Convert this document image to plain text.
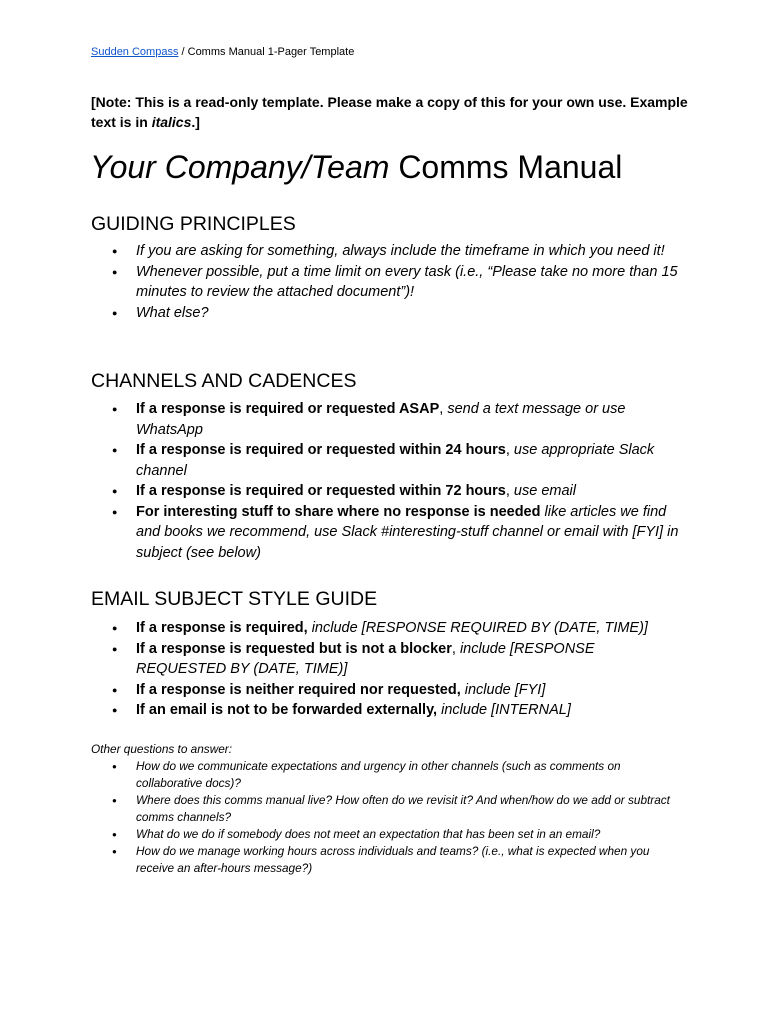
Sudden Compass / Comms Manual 1-Pager Template
[Note: This is a read-only template. Please make a copy of this for your own use. Example text is in italics.]
Your Company/Team Comms Manual
GUIDING PRINCIPLES
● If you are asking for something, always include the timeframe in which you need it!
● Whenever possible, put a time limit on every task (i.e., “Please take no more than 15 minutes to review the attached document”)!
● What else?
CHANNELS AND CADENCES
● If a response is required or requested ASAP, send a text message or use WhatsApp
● If a response is required or requested within 24 hours, use appropriate Slack channel
● If a response is required or requested within 72 hours, use email
● For interesting stuff to share where no response is needed like articles we find and books we recommend, use Slack #interesting-stuff channel or email with [FYI] in subject (see below)
EMAIL SUBJECT STYLE GUIDE
● If a response is required, include [RESPONSE REQUIRED BY (DATE, TIME)]
● If a response is requested but is not a blocker, include [RESPONSE REQUESTED BY (DATE, TIME)]
● If a response is neither required nor requested, include [FYI]
● If an email is not to be forwarded externally, include [INTERNAL]
Other questions to answer:
● How do we communicate expectations and urgency in other channels (such as comments on collaborative docs)?
● Where does this comms manual live? How often do we revisit it? And when/how do we add or subtract comms channels?
● What do we do if somebody does not meet an expectation that has been set in an email?
● How do we manage working hours across individuals and teams? (i.e., what is expected when you receive an after-hours message?)
